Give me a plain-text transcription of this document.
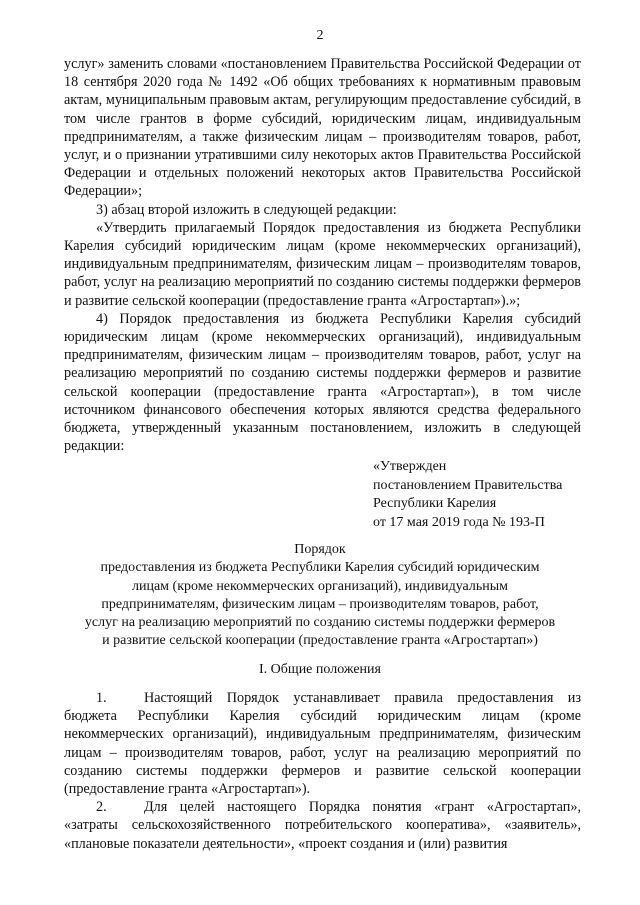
2

услуг» заменить словами «постановлением Правительства Российской Федерации от 18 сентября 2020 года № 1492 «Об общих требованиях к нормативным правовым актам, муниципальным правовым актам, регулирующим предоставление субсидий, в том числе грантов в форме субсидий, юридическим лицам, индивидуальным предпринимателям, а также физическим лицам – производителям товаров, работ, услуг, и о признании утратившими силу некоторых актов Правительства Российской Федерации и отдельных положений некоторых актов Правительства Российской Федерации»;

3) абзац второй изложить в следующей редакции:

«Утвердить прилагаемый Порядок предоставления из бюджета Республики Карелия субсидий юридическим лицам (кроме некоммерческих организаций), индивидуальным предпринимателям, физическим лицам – производителям товаров, работ, услуг на реализацию мероприятий по созданию системы поддержки фермеров и развитие сельской кооперации (предоставление гранта «Агростартап»).»;

4) Порядок предоставления из бюджета Республики Карелия субсидий юридическим лицам (кроме некоммерческих организаций), индивидуальным предпринимателям, физическим лицам – производителям товаров, работ, услуг на реализацию мероприятий по созданию системы поддержки фермеров и развитие сельской кооперации (предоставление гранта «Агростартап»), в том числе источником финансового обеспечения которых являются средства федерального бюджета, утвержденный указанным постановлением, изложить в следующей редакции:

«Утвержден
постановлением Правительства
Республики Карелия
от 17 мая 2019 года № 193-П
Порядок
предоставления из бюджета Республики Карелия субсидий юридическим
лицам (кроме некоммерческих организаций), индивидуальным
предпринимателям, физическим лицам – производителям товаров, работ,
услуг на реализацию мероприятий по созданию системы поддержки фермеров
и развитие сельской кооперации (предоставление гранта «Агростартап»)
I. Общие положения

1.	Настоящий Порядок устанавливает правила предоставления из бюджета Республики Карелия субсидий юридическим лицам (кроме некоммерческих организаций), индивидуальным предпринимателям, физическим лицам – производителям товаров, работ, услуг на реализацию мероприятий по созданию системы поддержки фермеров и развитие сельской кооперации (предоставление гранта «Агростартап»).

2.	Для целей настоящего Порядка понятия «грант «Агростартап», «затраты сельскохозяйственного потребительского кооператива», «заявитель», «плановые показатели деятельности», «проект создания и (или) развития
